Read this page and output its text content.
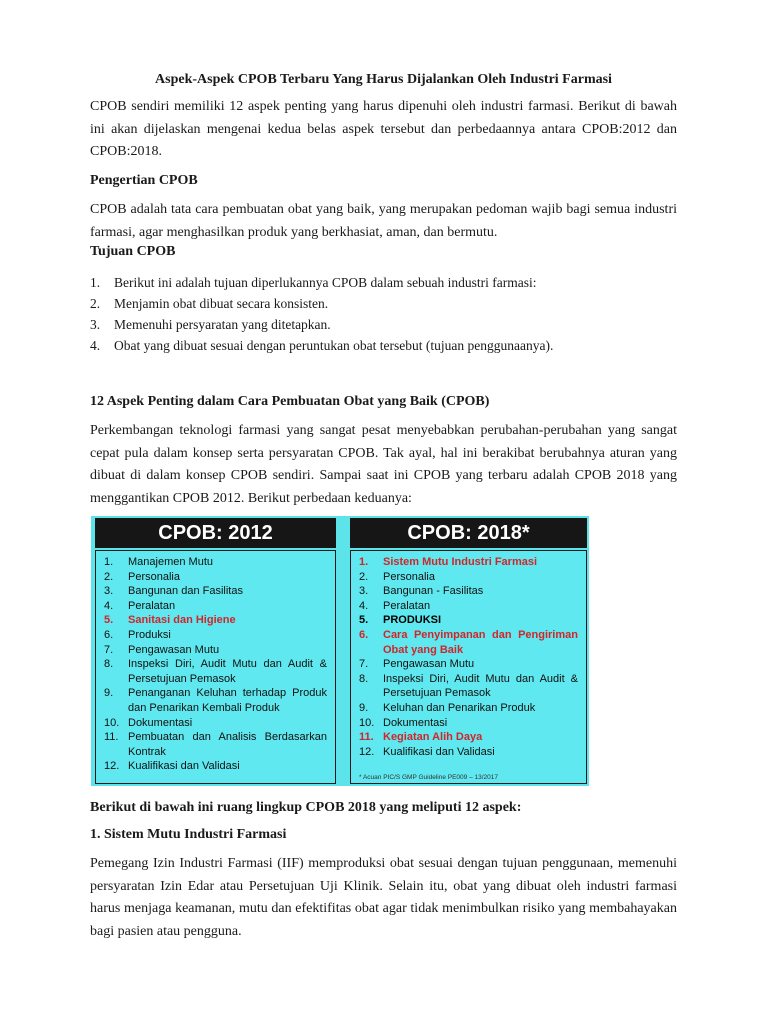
Aspek-Aspek CPOB Terbaru Yang Harus Dijalankan Oleh Industri Farmasi

CPOB sendiri memiliki 12 aspek penting yang harus dipenuhi oleh industri farmasi. Berikut di bawah ini akan dijelaskan mengenai kedua belas aspek tersebut dan perbedaannya antara CPOB:2012 dan CPOB:2018.

Pengertian CPOB

CPOB adalah tata cara pembuatan obat yang baik, yang merupakan pedoman wajib bagi semua industri farmasi, agar menghasilkan produk yang berkhasiat, aman, dan bermutu.

Tujuan CPOB
1.	Berikut ini adalah tujuan diperlukannya CPOB dalam sebuah industri farmasi:
2.	Menjamin obat dibuat secara konsisten.
3.	Memenuhi persyaratan yang ditetapkan.
4.	Obat yang dibuat sesuai dengan peruntukan obat tersebut (tujuan penggunaanya).
12 Aspek Penting dalam Cara Pembuatan Obat yang Baik (CPOB)

Perkembangan teknologi farmasi yang sangat pesat menyebabkan perubahan-perubahan yang sangat cepat pula dalam konsep serta persyaratan CPOB. Tak ayal, hal ini berakibat berubahnya aturan yang dibuat di dalam konsep CPOB sendiri. Sampai saat ini CPOB yang terbaru adalah CPOB 2018 yang menggantikan CPOB 2012. Berikut perbedaan keduanya:

CPOB: 2012
1.	Manajemen Mutu
2.	Personalia
3.	Bangunan dan Fasilitas
4.	Peralatan
5.	Sanitasi dan Higiene
6.	Produksi
7.	Pengawasan Mutu
8.	Inspeksi Diri, Audit Mutu dan Audit & Persetujuan Pemasok
9.	Penanganan Keluhan terhadap Produk dan Penarikan Kembali Produk
10. Dokumentasi
11. Pembuatan dan Analisis Berdasarkan Kontrak
12. Kualifikasi dan Validasi
CPOB: 2018*
1.	Sistem Mutu Industri Farmasi
2.	Personalia
3.	Bangunan - Fasilitas
4.	Peralatan
5.	PRODUKSI
6.	Cara Penyimpanan dan Pengiriman Obat yang Baik
7.	Pengawasan Mutu
8.	Inspeksi Diri, Audit Mutu dan Audit & Persetujuan Pemasok
9.	Keluhan dan Penarikan Produk
10. Dokumentasi
11. Kegiatan Alih Daya
12. Kualifikasi dan Validasi
* Acuan PIC/S GMP Guideline PE009 – 13/2017
Berikut di bawah ini ruang lingkup CPOB 2018 yang meliputi 12 aspek:
1. Sistem Mutu Industri Farmasi

Pemegang Izin Industri Farmasi (IIF) memproduksi obat sesuai dengan tujuan penggunaan, memenuhi persyaratan Izin Edar atau Persetujuan Uji Klinik. Selain itu, obat yang dibuat oleh industri farmasi harus menjaga keamanan, mutu dan efektifitas obat agar tidak menimbulkan risiko yang membahayakan bagi pasien atau pengguna.
